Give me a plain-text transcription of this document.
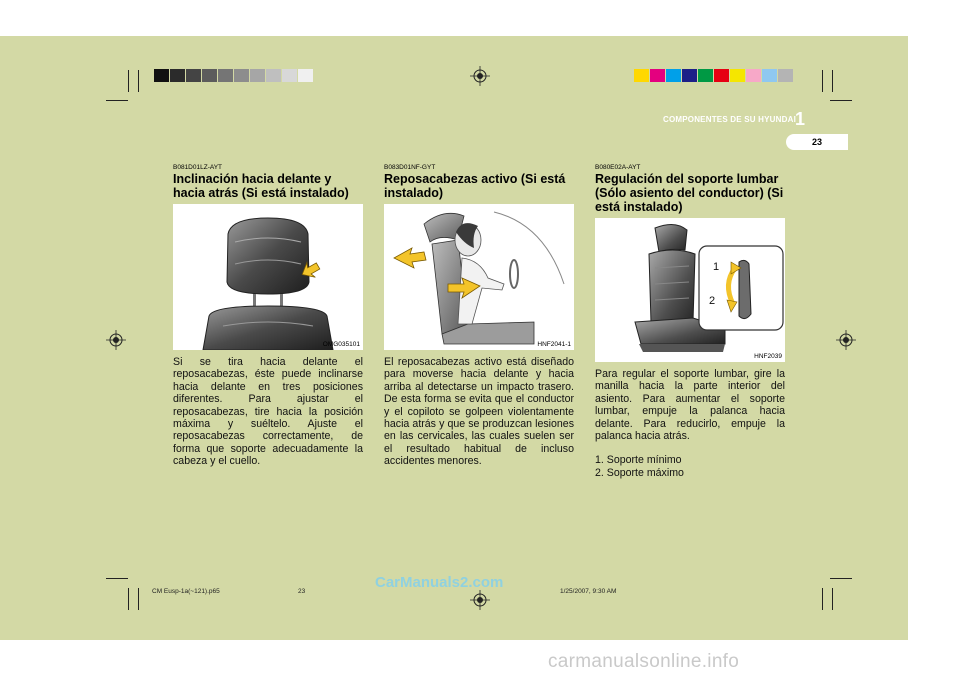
COMPONENTES DE SU HYUNDAI 1
23
B081D01LZ-AYT
Inclinación hacia delante y hacia atrás (Si está instalado)
OMG035101
Si se tira hacia delante el reposacabezas, éste puede inclinarse hacia delante en tres posiciones diferentes. Para ajustar el reposacabezas, tire hacia la posición máxima y suéltelo. Ajuste el reposacabezas correctamente, de forma que soporte adecuadamente la cabeza y el cuello.
B083D01NF-GYT
Reposacabezas activo (Si está instalado)
HNF2041-1
El reposacabezas activo está diseñado para moverse hacia delante y hacia arriba al detectarse un impacto trasero. De esta forma se evita que el conductor y el copiloto se golpeen violentamente hacia atrás y que se produzcan lesiones en las cervicales, las cuales suelen ser el resultado habitual de incluso accidentes menores.
B080E02A-AYT
Regulación del soporte lumbar (Sólo asiento del conductor) (Si está instalado)
1
2
HNF2039
Para regular el soporte lumbar, gire la manilla hacia la parte interior del asiento. Para aumentar el soporte lumbar, empuje la palanca hacia delante. Para reducirlo, empuje la palanca hacia atrás.
1. Soporte mínimo
2. Soporte máximo
CM Eusp-1a(~121).p65	23	1/25/2007, 9:30 AM
CarManuals2.com
carmanualsonline.info
